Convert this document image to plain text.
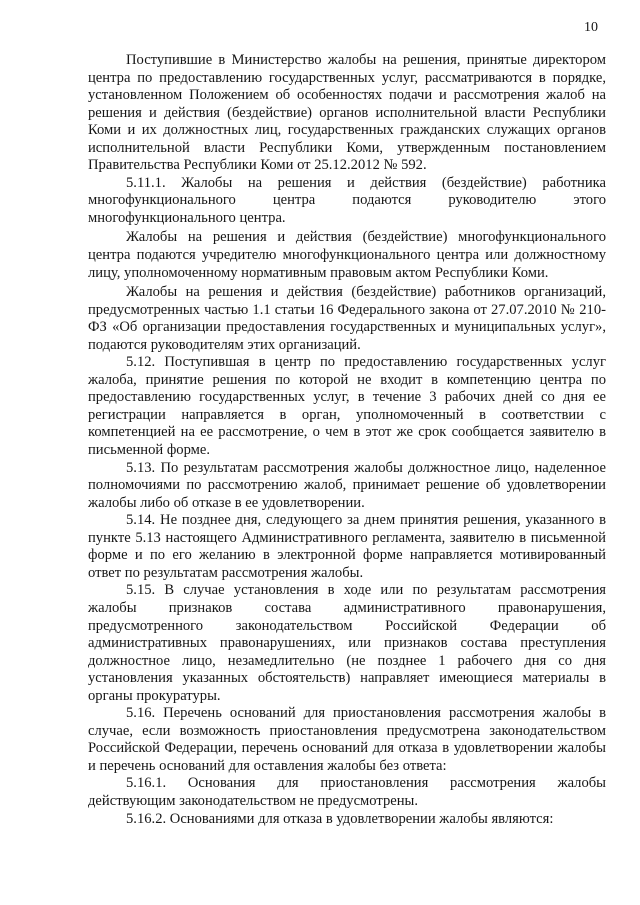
10

Поступившие в Министерство жалобы на решения, принятые директором центра по предоставлению государственных услуг, рассматриваются в порядке, установленном Положением об особенностях подачи и рассмотрения жалоб на решения и действия (бездействие) органов исполнительной власти Республики Коми и их должностных лиц, государственных гражданских служащих органов исполнительной власти Республики Коми, утвержденным постановлением Правительства Республики Коми от 25.12.2012 № 592.

5.11.1. Жалобы на решения и действия (бездействие) работника многофункционального центра подаются руководителю этого многофункционального центра.

Жалобы на решения и действия (бездействие) многофункционального центра подаются учредителю многофункционального центра или должностному лицу, уполномоченному нормативным правовым актом Республики Коми.

Жалобы на решения и действия (бездействие) работников организаций, предусмотренных частью 1.1 статьи 16 Федерального закона от 27.07.2010 № 210-ФЗ «Об организации предоставления государственных и муниципальных услуг», подаются руководителям этих организаций.

5.12. Поступившая в центр по предоставлению государственных услуг жалоба, принятие решения по которой не входит в компетенцию центра по предоставлению государственных услуг, в течение 3 рабочих дней со дня ее регистрации направляется в орган, уполномоченный в соответствии с компетенцией на ее рассмотрение, о чем в этот же срок сообщается заявителю в письменной форме.

5.13. По результатам рассмотрения жалобы должностное лицо, наделенное полномочиями по рассмотрению жалоб, принимает решение об удовлетворении жалобы либо об отказе в ее удовлетворении.

5.14. Не позднее дня, следующего за днем принятия решения, указанного в пункте 5.13 настоящего Административного регламента, заявителю в письменной форме и по его желанию в электронной форме направляется мотивированный ответ по результатам рассмотрения жалобы.

5.15. В случае установления в ходе или по результатам рассмотрения жалобы признаков состава административного правонарушения, предусмотренного законодательством Российской Федерации об административных правонарушениях, или признаков состава преступления должностное лицо, незамедлительно (не позднее 1 рабочего дня со дня установления указанных обстоятельств) направляет имеющиеся материалы в органы прокуратуры.

5.16. Перечень оснований для приостановления рассмотрения жалобы в случае, если возможность приостановления предусмотрена законодательством Российской Федерации, перечень оснований для отказа в удовлетворении жалобы и перечень оснований для оставления жалобы без ответа:

5.16.1. Основания для приостановления рассмотрения жалобы действующим законодательством не предусмотрены.

5.16.2. Основаниями для отказа в удовлетворении жалобы являются:
